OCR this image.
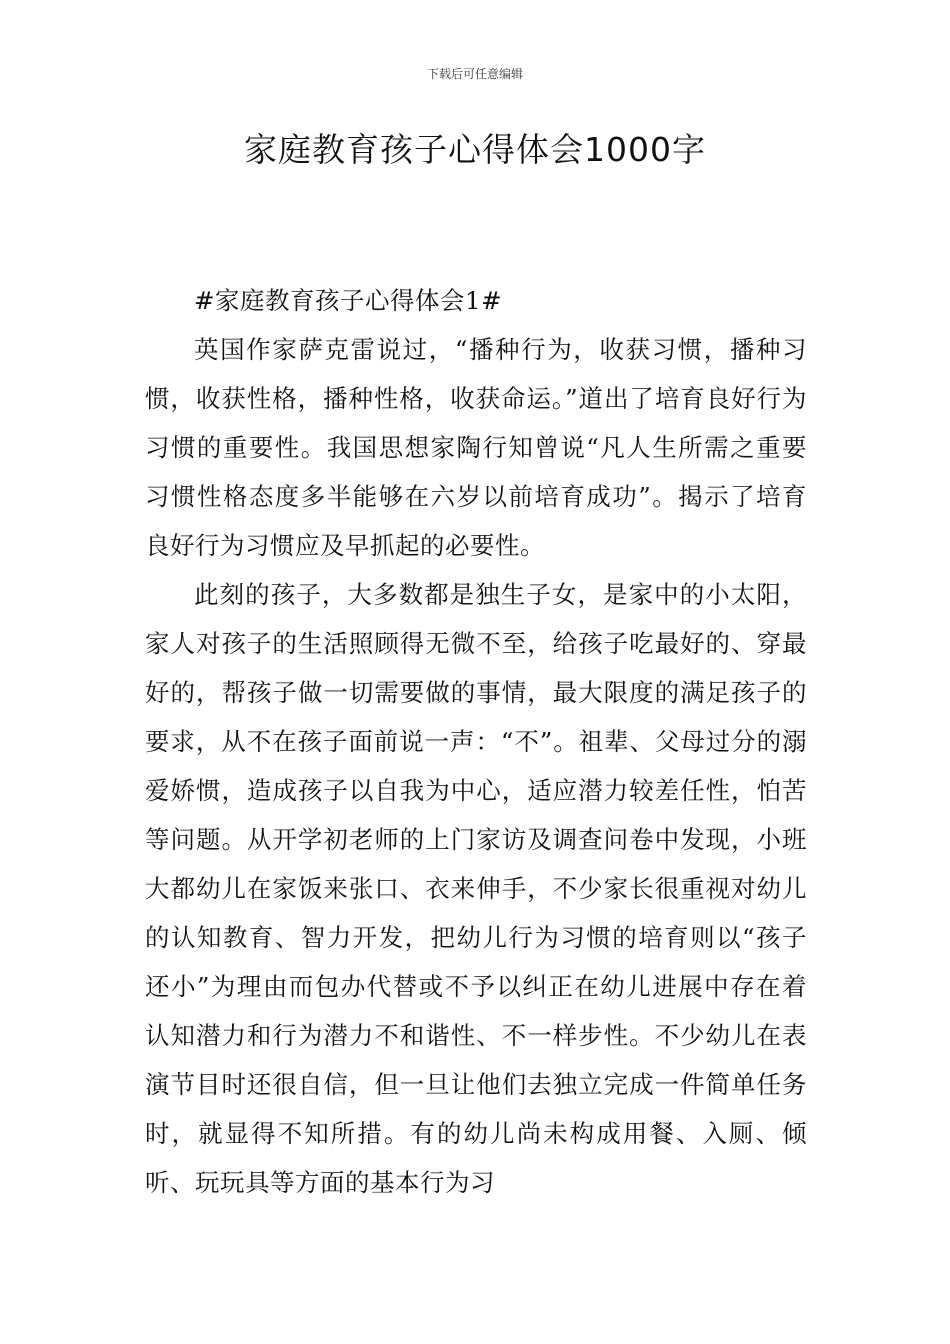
下载后可任意编辑
家庭教育孩子心得体会1000字

#家庭教育孩子心得体会1#

英国作家萨克雷说过，“播种行为，收获习惯，播种习惯，收获性格，播种性格，收获命运。”道出了培育良好行为习惯的重要性。我国思想家陶行知曾说“凡人生所需之重要习惯性格态度多半能够在六岁以前培育成功”。揭示了培育良好行为习惯应及早抓起的必要性。

此刻的孩子，大多数都是独生子女，是家中的小太阳，家人对孩子的生活照顾得无微不至，给孩子吃最好的、穿最好的，帮孩子做一切需要做的事情，最大限度的满足孩子的要求，从不在孩子面前说一声：“不”。祖辈、父母过分的溺爱娇惯，造成孩子以自我为中心，适应潜力较差任性，怕苦等问题。从开学初老师的上门家访及调查问卷中发现，小班大都幼儿在家饭来张口、衣来伸手，不少家长很重视对幼儿的认知教育、智力开发，把幼儿行为习惯的培育则以“孩子还小”为理由而包办代替或不予以纠正在幼儿进展中存在着认知潜力和行为潜力不和谐性、不一样步性。不少幼儿在表演节目时还很自信，但一旦让他们去独立完成一件简单任务时，就显得不知所措。有的幼儿尚未构成用餐、入厕、倾听、玩玩具等方面的基本行为习
